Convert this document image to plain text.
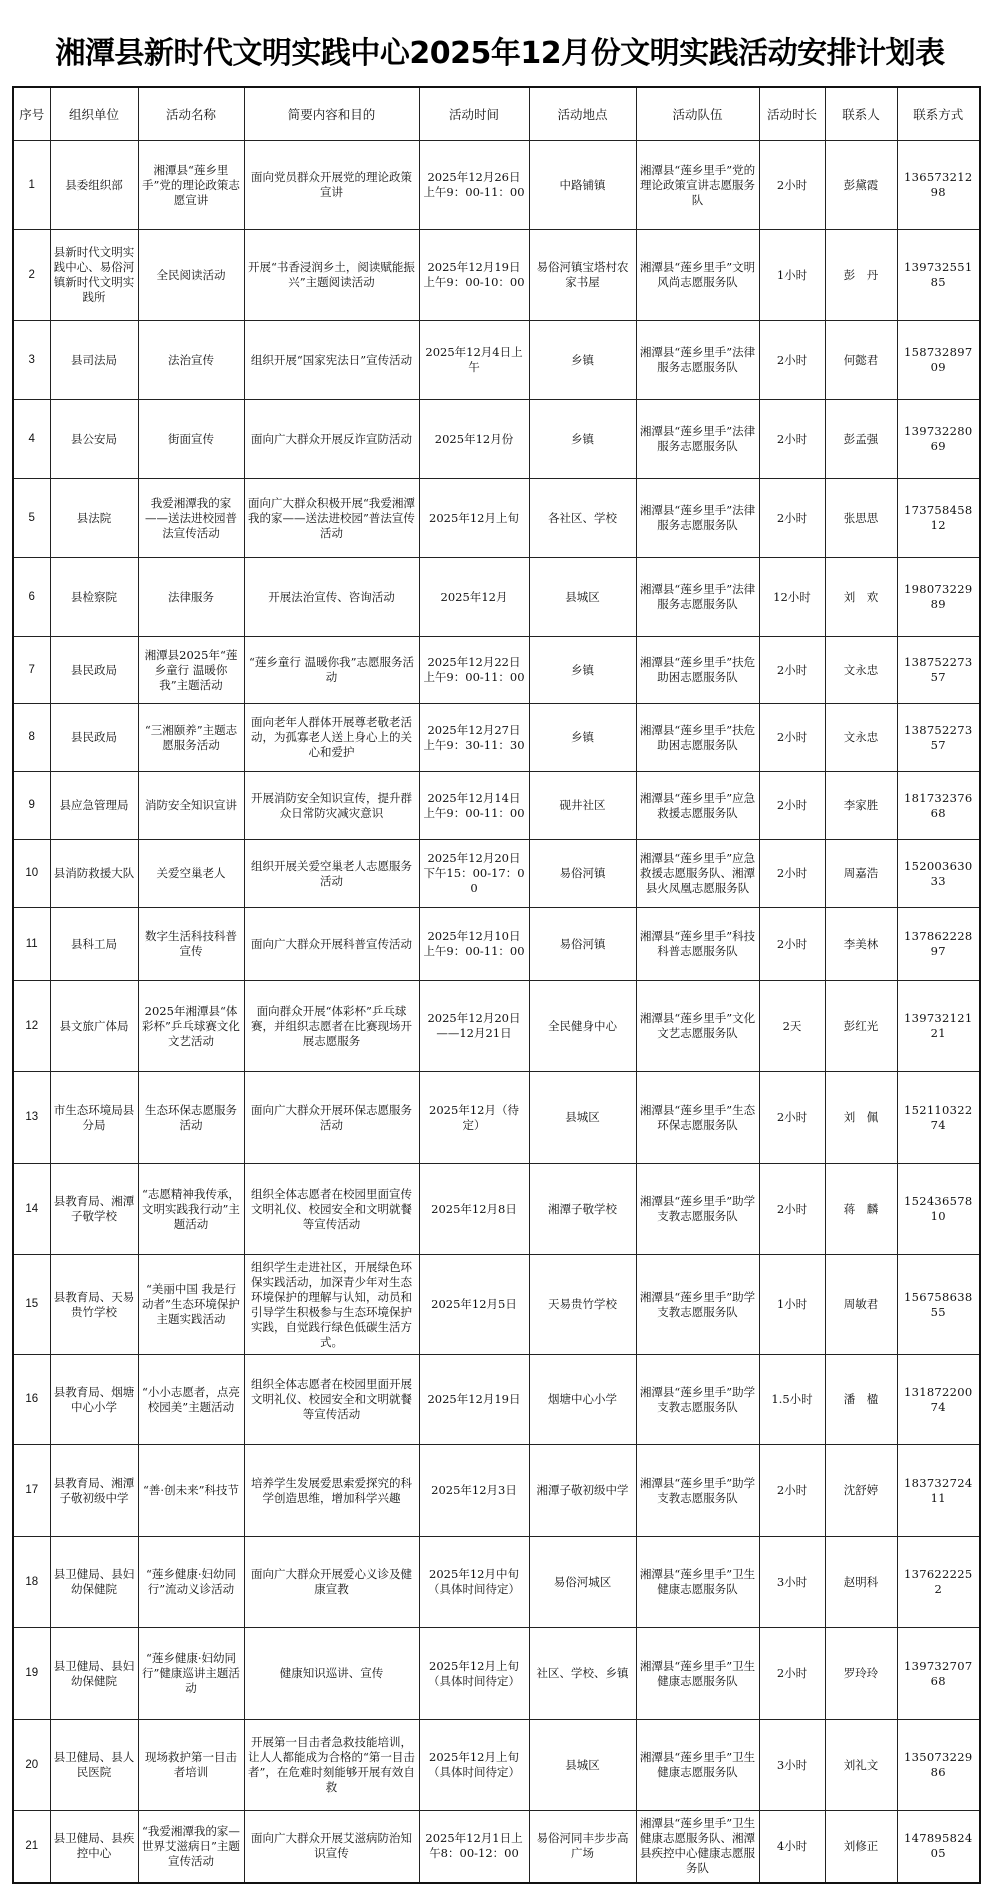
湘潭县新时代文明实践中心2025年12月份文明实践活动安排计划表
序号	组织单位	活动名称	简要内容和目的	活动时间	活动地点	活动队伍	活动时长	联系人	联系方式
1	县委组织部	湘潭县“莲乡里手”党的理论政策志愿宣讲	面向党员群众开展党的理论政策宣讲	2025年12月26日上午9：00-11：00	中路铺镇	湘潭县“莲乡里手”党的理论政策宣讲志愿服务队	2小时	彭黛霞	13657321298
2	县新时代文明实践中心、易俗河镇新时代文明实践所	全民阅读活动	开展“书香浸润乡土，阅读赋能振兴”主题阅读活动	2025年12月19日上午9：00-10：00	易俗河镇宝塔村农家书屋	湘潭县“莲乡里手”文明风尚志愿服务队	1小时	彭　丹	13973255185
3	县司法局	法治宣传	组织开展“国家宪法日”宣传活动	2025年12月4日上午	乡镇	湘潭县“莲乡里手”法律服务志愿服务队	2小时	何懿君	15873289709
4	县公安局	街面宣传	面向广大群众开展反诈宣防活动	2025年12月份	乡镇	湘潭县“莲乡里手”法律服务志愿服务队	2小时	彭孟强	13973228069
5	县法院	我爱湘潭我的家——送法进校园普法宣传活动	面向广大群众积极开展“我爱湘潭我的家——送法进校园”普法宣传活动	2025年12月上旬	各社区、学校	湘潭县“莲乡里手”法律服务志愿服务队	2小时	张思思	17375845812
6	县检察院	法律服务	开展法治宣传、咨询活动	2025年12月	县城区	湘潭县“莲乡里手”法律服务志愿服务队	12小时	刘　欢	19807322989
7	县民政局	湘潭县2025年“莲乡童行 温暖你我”主题活动	“莲乡童行 温暖你我”志愿服务活动	2025年12月22日上午9：00-11：00	乡镇	湘潭县“莲乡里手”扶危助困志愿服务队	2小时	文永忠	13875227357
8	县民政局	“三湘颐养”主题志愿服务活动	面向老年人群体开展尊老敬老活动，为孤寡老人送上身心上的关心和爱护	2025年12月27日上午9：30-11：30	乡镇	湘潭县“莲乡里手”扶危助困志愿服务队	2小时	文永忠	13875227357
9	县应急管理局	消防安全知识宣讲	开展消防安全知识宣传，提升群众日常防灾减灾意识	2025年12月14日上午9：00-11：00	砚井社区	湘潭县“莲乡里手”应急救援志愿服务队	2小时	李家胜	18173237668
10	县消防救援大队	关爱空巢老人	组织开展关爱空巢老人志愿服务活动	2025年12月20日下午15：00-17：00	易俗河镇	湘潭县“莲乡里手”应急救援志愿服务队、湘潭县火凤凰志愿服务队	2小时	周嘉浩	15200363033
11	县科工局	数字生活科技科普宣传	面向广大群众开展科普宣传活动	2025年12月10日上午9：00-11：00	易俗河镇	湘潭县“莲乡里手”科技科普志愿服务队	2小时	李美林	13786222897
12	县文旅广体局	2025年湘潭县“体彩杯”乒乓球赛文化文艺活动	面向群众开展“体彩杯”乒乓球赛，并组织志愿者在比赛现场开展志愿服务	2025年12月20日——12月21日	全民健身中心	湘潭县“莲乡里手”文化文艺志愿服务队	2天	彭红光	13973212121
13	市生态环境局县分局	生态环保志愿服务活动	面向广大群众开展环保志愿服务活动	2025年12月（待定）	县城区	湘潭县“莲乡里手”生态环保志愿服务队	2小时	刘　佩	15211032274
14	县教育局、湘潭子敬学校	“志愿精神我传承，文明实践我行动”主题活动	组织全体志愿者在校园里面宣传文明礼仪、校园安全和文明就餐等宣传活动	2025年12月8日	湘潭子敬学校	湘潭县“莲乡里手”助学支教志愿服务队	2小时	蒋　麟	15243657810
15	县教育局、天易贵竹学校	“美丽中国 我是行动者”生态环境保护主题实践活动	组织学生走进社区，开展绿色环保实践活动，加深青少年对生态环境保护的理解与认知，动员和引导学生积极参与生态环境保护实践，自觉践行绿色低碳生活方式。	2025年12月5日	天易贵竹学校	湘潭县“莲乡里手”助学支教志愿服务队	1小时	周敏君	15675863855
16	县教育局、烟塘中心小学	“小小志愿者，点亮校园美”主题活动	组织全体志愿者在校园里面开展文明礼仪、校园安全和文明就餐等宣传活动	2025年12月19日	烟塘中心小学	湘潭县“莲乡里手”助学支教志愿服务队	1.5小时	潘　楹	13187220074
17	县教育局、湘潭子敬初级中学	“善·创未来”科技节	培养学生发展爱思索爱探究的科学创造思维，增加科学兴趣	2025年12月3日	湘潭子敬初级中学	湘潭县“莲乡里手”助学支教志愿服务队	2小时	沈舒婷	18373272411
18	县卫健局、县妇幼保健院	“莲乡健康·妇幼同行”流动义诊活动	面向广大群众开展爱心义诊及健康宣教	2025年12月中旬（具体时间待定）	易俗河城区	湘潭县“莲乡里手”卫生健康志愿服务队	3小时	赵明科	1376222252
19	县卫健局、县妇幼保健院	“莲乡健康·妇幼同行”健康巡讲主题活动	健康知识巡讲、宣传	2025年12月上旬（具体时间待定）	社区、学校、乡镇	湘潭县“莲乡里手”卫生健康志愿服务队	2小时	罗玲玲	13973270768
20	县卫健局、县人民医院	现场救护第一目击者培训	开展第一目击者急救技能培训，让人人都能成为合格的“第一目击者”，在危难时刻能够开展有效自救	2025年12月上旬（具体时间待定）	县城区	湘潭县“莲乡里手”卫生健康志愿服务队	3小时	刘礼文	13507322986
21	县卫健局、县疾控中心	“我爱湘潭我的家—世界艾滋病日”主题宣传活动	面向广大群众开展艾滋病防治知识宣传	2025年12月1日上午8：00-12：00	易俗河同丰步步高广场	湘潭县“莲乡里手”卫生健康志愿服务队、湘潭县疾控中心健康志愿服务队	4小时	刘修正	14789582405
